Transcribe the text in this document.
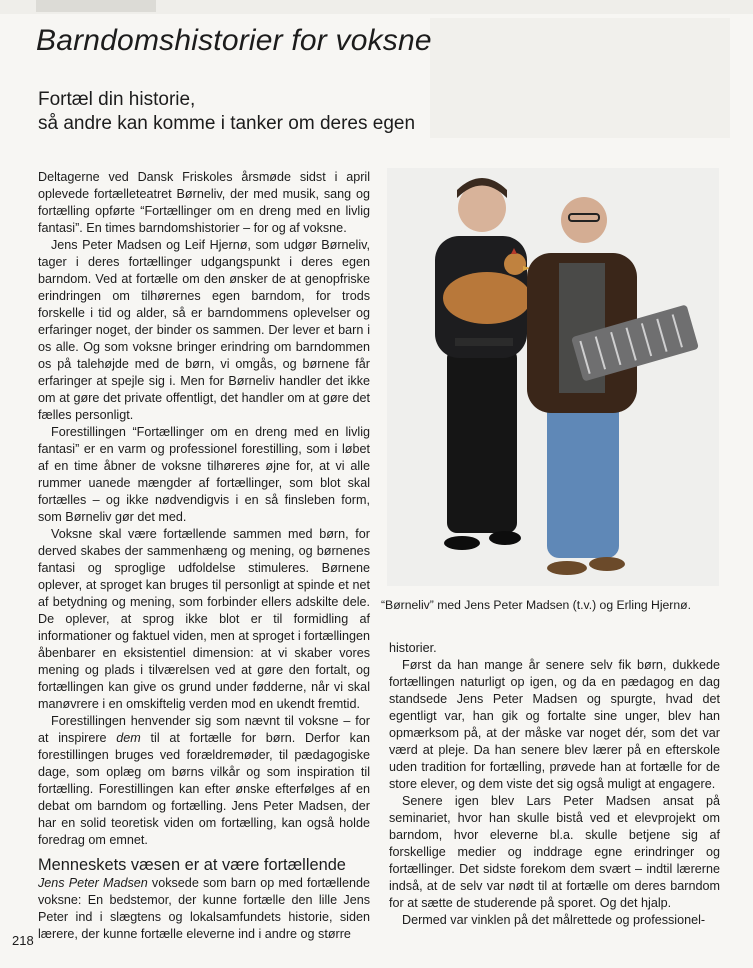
Barndomshistorier for voksne
Fortæl din historie,
så andre kan komme i tanker om deres egen

Deltagerne ved Dansk Friskoles årsmøde sidst i april oplevede fortælleteatret Børneliv, der med musik, sang og fortælling opførte “Fortællinger om en dreng med en livlig fantasi”. En times barndomshistorier – for og af voksne.

Jens Peter Madsen og Leif Hjernø, som udgør Børneliv, tager i deres fortællinger udgangspunkt i deres egen barndom. Ved at fortælle om den ønsker de at genopfriske erindringen om tilhørernes egen barndom, for trods forskelle i tid og alder, så er barndommens oplevelser og erfaringer noget, der binder os sammen. Der lever et barn i os alle. Og som voksne bringer erindring om barndommen os på talehøjde med de børn, vi omgås, og børnene får erfaringer at spejle sig i. Men for Børneliv handler det ikke om at gøre det private offentligt, det handler om at gøre det fælles personligt.

Forestillingen “Fortællinger om en dreng med en livlig fantasi” er en varm og professionel forestilling, som i løbet af en time åbner de voksne tilhøreres øjne for, at vi alle rummer uanede mængder af fortællinger, som blot skal fortælles – og ikke nødvendigvis i en så finsleben form, som Børneliv gør det med.

Voksne skal være fortællende sammen med børn, for derved skabes der sammenhæng og mening, og børnenes fantasi og sproglige udfoldelse stimuleres. Børnene oplever, at sproget kan bruges til personligt at spinde et net af betydning og mening, som forbinder ellers adskilte dele. De oplever, at sprog ikke blot er til formidling af informationer og faktuel viden, men at sproget i fortællingen åbenbarer en eksistentiel dimension: at vi skaber vores mening og plads i tilværelsen ved at gøre den fortalt, og fortællingen kan give os grund under fødderne, når vi skal manøvrere i en omskiftelig verden mod en ukendt fremtid.

Forestillingen henvender sig som nævnt til voksne – for at inspirere dem til at fortælle for børn. Derfor kan forestillingen bruges ved forældremøder, til pædagogiske dage, som oplæg om børns vilkår og som inspiration til fortælling. Forestillingen kan efter ønske efterfølges af en debat om barndom og fortælling. Jens Peter Madsen, der har en solid teoretisk viden om fortælling, kan også holde foredrag om emnet.

Menneskets væsen er at være fortællende

Jens Peter Madsen voksede som barn op med fortællende voksne: En bedstemor, der kunne fortælle den lille Jens Peter ind i slægtens og lokalsamfundets historie, siden lærere, der kunne fortælle eleverne ind i andre og større

“Børneliv” med Jens Peter Madsen (t.v.) og Erling Hjernø.

historier.

Først da han mange år senere selv fik børn, dukkede fortællingen naturligt op igen, og da en pædagog en dag standsede Jens Peter Madsen og spurgte, hvad det egentligt var, han gik og fortalte sine unger, blev han opmærksom på, at der måske var noget dér, som det var værd at pleje. Da han senere blev lærer på en efterskole uden tradition for fortælling, prøvede han at fortælle for de store elever, og dem viste det sig også muligt at engagere.

Senere igen blev Lars Peter Madsen ansat på seminariet, hvor han skulle bistå ved et elevprojekt om barndom, hvor eleverne bl.a. skulle betjene sig af forskellige medier og inddrage egne erindringer og fortællinger. Det sidste forekom dem svært – indtil lærerne indså, at de selv var nødt til at fortælle om deres barndom for at sætte de studerende på sporet. Og det hjalp.

Dermed var vinklen på det målrettede og professionel-

218
